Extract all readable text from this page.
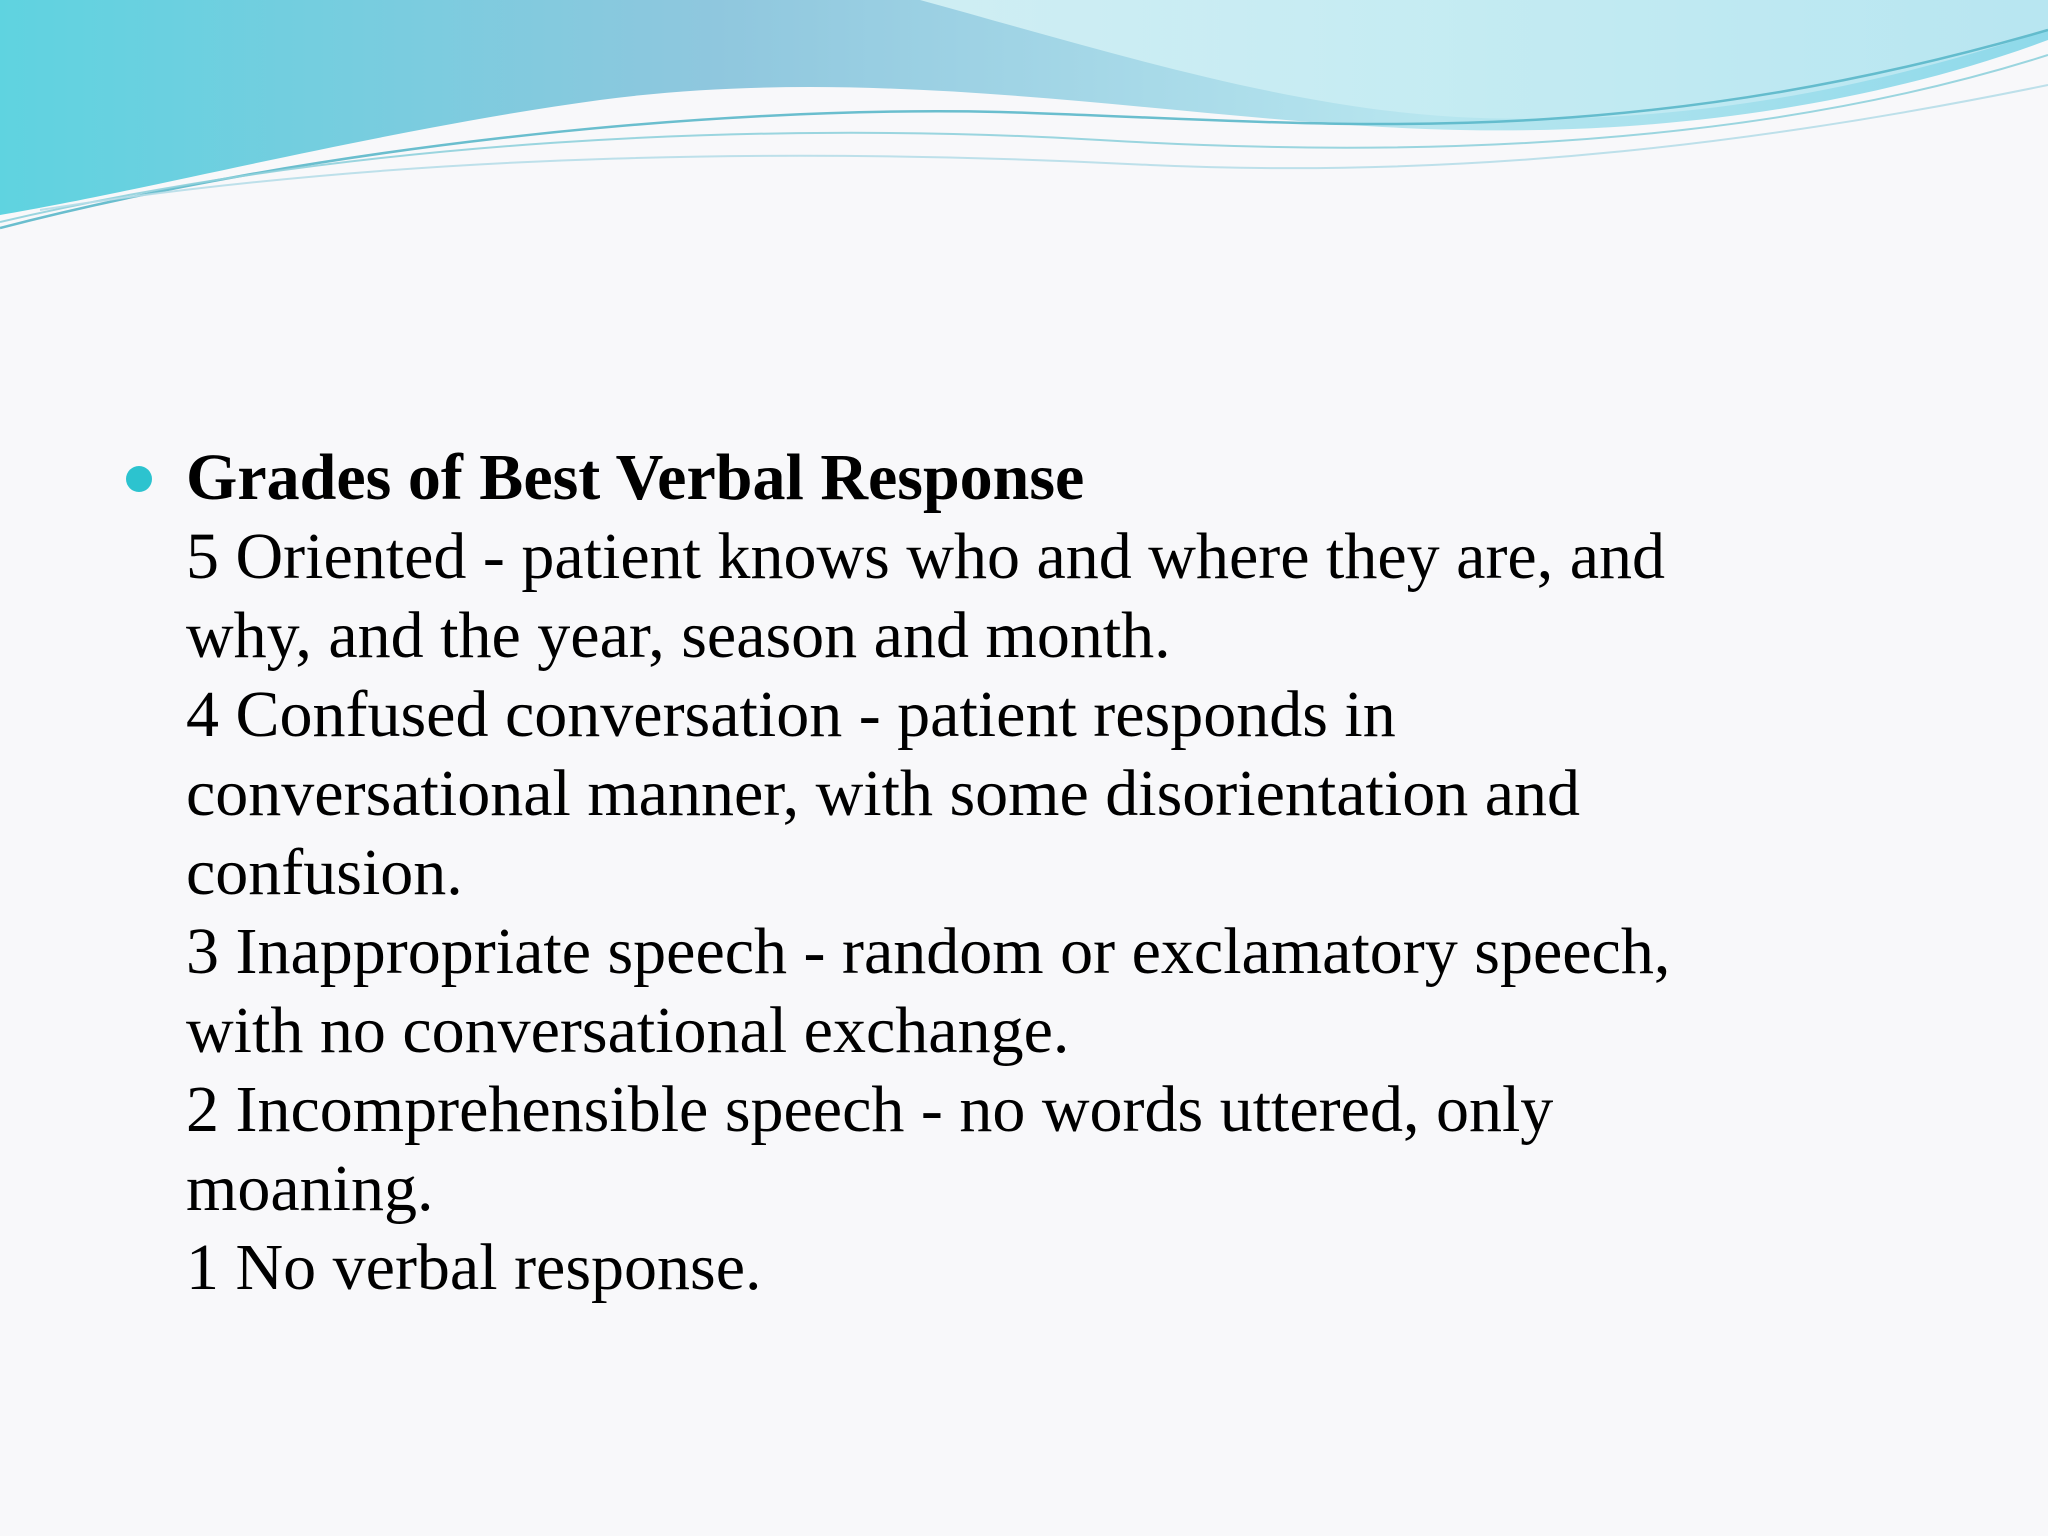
Grades of Best Verbal Response
5 Oriented - patient knows who and where they are, and
why, and the year, season and month.
4 Confused conversation - patient responds in
conversational manner, with some disorientation and
confusion.
3 Inappropriate speech - random or exclamatory speech,
with no conversational exchange.
2 Incomprehensible speech - no words uttered, only
moaning.
1 No verbal response.
